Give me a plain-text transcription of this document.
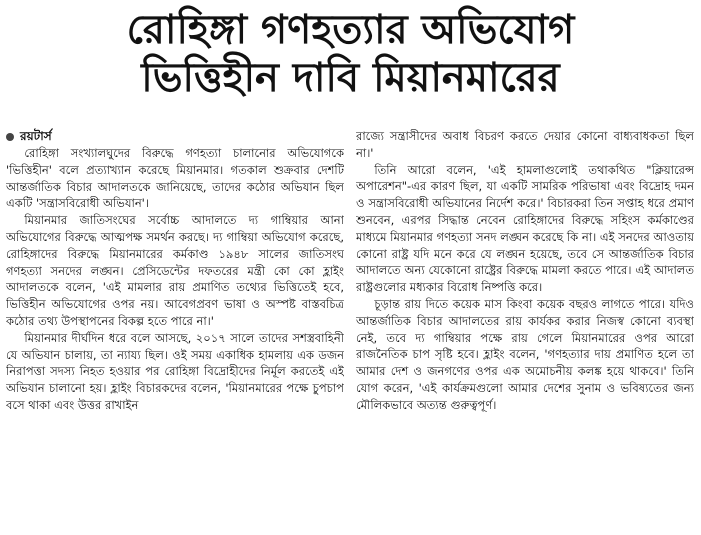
রোহিঙ্গা গণহত্যার অভিযোগ
ভিত্তিহীন দাবি মিয়ানমারের
রয়টার্স

রোহিঙ্গা সংখ্যালঘুদের বিরুদ্ধে গণহত্যা চালানোর অভিযোগকে 'ভিত্তিহীন' বলে প্রত্যাখ্যান করেছে মিয়ানমার। গতকাল শুক্রবার দেশটি আন্তর্জাতিক বিচার আদালতকে জানিয়েছে, তাদের কঠোর অভিযান ছিল একটি 'সন্ত্রাসবিরোধী অভিযান'।

মিয়ানমার জাতিসংঘের সর্বোচ্চ আদালতে দ্য গাম্বিয়ার আনা অভিযোগের বিরুদ্ধে আত্মপক্ষ সমর্থন করছে। দ্য গাম্বিয়া অভিযোগ করেছে, রোহিঙ্গাদের বিরুদ্ধে মিয়ানমারের কর্মকাণ্ড ১৯৪৮ সালের জাতিসংঘ গণহত্যা সনদের লঙ্ঘন। প্রেসিডেন্টের দফতরের মন্ত্রী কো কো হ্লাইং আদালতকে বলেন, 'এই মামলার রায় প্রমাণিত তথ্যের ভিত্তিতেই হবে, ভিত্তিহীন অভিযোগের ওপর নয়। আবেগপ্রবণ ভাষা ও অস্পষ্ট বাস্তবচিত্র কঠোর তথ্য উপস্থাপনের বিকল্প হতে পারে না।'

মিয়ানমার দীর্ঘদিন ধরে বলে আসছে, ২০১৭ সালে তাদের সশস্ত্রবাহিনী যে অভিযান চালায়, তা ন্যায্য ছিল। ওই সময় একাধিক হামলায় এক ডজন নিরাপত্তা সদস্য নিহত হওয়ার পর রোহিঙ্গা বিদ্রোহীদের নির্মূল করতেই এই অভিযান চালানো হয়। হ্লাইং বিচারকদের বলেন, 'মিয়ানমারের পক্ষে চুপচাপ বসে থাকা এবং উত্তর রাখাইন

রাজ্যে সন্ত্রাসীদের অবাধ বিচরণ করতে দেয়ার কোনো বাধ্যবাধকতা ছিল না।'

তিনি আরো বলেন, 'এই হামলাগুলোই তথাকথিত "ক্লিয়ারেন্স অপারেশন"-এর কারণ ছিল, যা একটি সামরিক পরিভাষা এবং বিদ্রোহ দমন ও সন্ত্রাসবিরোধী অভিযানের নির্দেশ করে।' বিচারকরা তিন সপ্তাহ ধরে প্রমাণ শুনবেন, এরপর সিদ্ধান্ত নেবেন রোহিঙ্গাদের বিরুদ্ধে সহিংস কর্মকাণ্ডের মাধ্যমে মিয়ানমার গণহত্যা সনদ লঙ্ঘন করেছে কি না। এই সনদের আওতায় কোনো রাষ্ট্র যদি মনে করে যে লঙ্ঘন হয়েছে, তবে সে আন্তর্জাতিক বিচার আদালতে অন্য যেকোনো রাষ্ট্রের বিরুদ্ধে মামলা করতে পারে। এই আদালত রাষ্ট্রগুলোর মধ্যকার বিরোধ নিষ্পত্তি করে।

চূড়ান্ত রায় দিতে কয়েক মাস কিংবা কয়েক বছরও লাগতে পারে। যদিও আন্তর্জাতিক বিচার আদালতের রায় কার্যকর করার নিজস্ব কোনো ব্যবস্থা নেই, তবে দ্য গাম্বিয়ার পক্ষে রায় গেলে মিয়ানমারের ওপর আরো রাজনৈতিক চাপ সৃষ্টি হবে। হ্লাইং বলেন, 'গণহত্যার দায় প্রমাণিত হলে তা আমার দেশ ও জনগণের ওপর এক অমোচনীয় কলঙ্ক হয়ে থাকবে।' তিনি যোগ করেন, 'এই কার্যক্রমগুলো আমার দেশের সুনাম ও ভবিষ্যতের জন্য মৌলিকভাবে অত্যন্ত গুরুত্বপূর্ণ।
